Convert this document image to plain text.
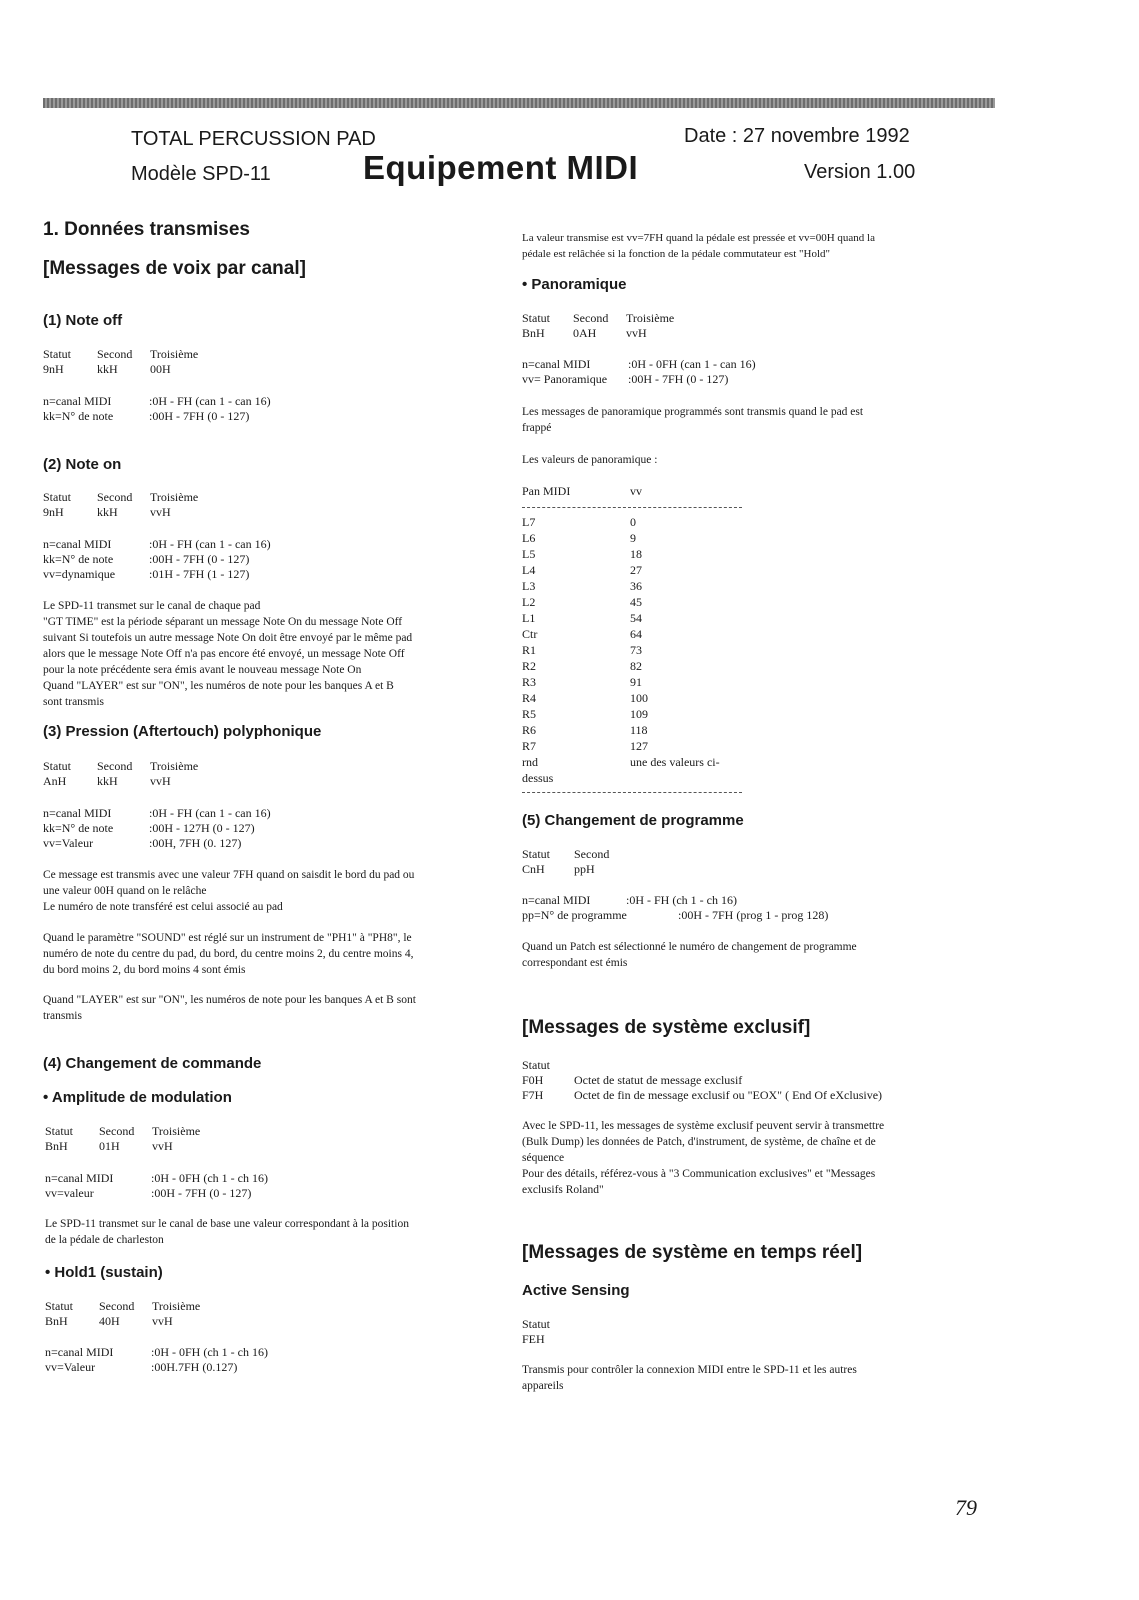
TOTAL PERCUSSION PAD
Modèle SPD-11	Equipement MIDI
Date : 27 novembre 1992
Version 1.00
1. Données transmises
[Messages de voix par canal]
(1) Note off
Statut	Second	Troisième
9nH	kkH	00H
n=canal MIDI	:0H - FH (can 1 - can 16)
kk=N° de note	:00H - 7FH (0 - 127)
(2) Note on
Statut	Second	Troisième
9nH	kkH	vvH
n=canal MIDI	:0H - FH (can 1 - can 16)
kk=N° de note	:00H - 7FH (0 - 127)
vv=dynamique	:01H - 7FH (1 - 127)
Le SPD-11 transmet sur le canal de chaque pad
"GT TIME" est la période séparant un message Note On du message Note Off
suivant Si toutefois un autre message Note On doit être envoyé par le même pad
alors que le message Note Off n'a pas encore été envoyé, un message Note Off
pour la note précédente sera émis avant le nouveau message Note On
Quand "LAYER" est sur "ON", les numéros de note pour les banques A et B
sont transmis
(3) Pression (Aftertouch) polyphonique
Statut	Second	Troisième
AnH	kkH	vvH
n=canal MIDI	:0H - FH (can 1 - can 16)
kk=N° de note	:00H - 127H (0 - 127)
vv=Valeur	:00H, 7FH (0. 127)
Ce message est transmis avec une valeur 7FH quand on saisdit le bord du pad ou
une valeur 00H quand on le relâche
Le numéro de note transféré est celui associé au pad
Quand le paramètre "SOUND" est réglé sur un instrument de "PH1" à "PH8", le
numéro de note du centre du pad, du bord, du centre moins 2, du centre moins 4,
du bord moins 2, du bord moins 4 sont émis
Quand "LAYER" est sur "ON", les numéros de note pour les banques A et B sont
transmis
(4) Changement de commande
• Amplitude de modulation
Statut	Second	Troisième
BnH	01H	vvH
n=canal MIDI	:0H - 0FH (ch 1 - ch 16)
vv=valeur	:00H - 7FH (0 - 127)
Le SPD-11 transmet sur le canal de base une valeur correspondant à la position
de la pédale de charleston
• Hold1 (sustain)
Statut	Second	Troisième
BnH	40H	vvH
n=canal MIDI	:0H - 0FH (ch 1 - ch 16)
vv=Valeur	:00H.7FH (0.127)
La valeur transmise est vv=7FH quand la pédale est pressée et vv=00H quand la
pédale est relâchée si la fonction de la pédale commutateur est "Hold"
• Panoramique
Statut	Second	Troisième
BnH	0AH	vvH
n=canal MIDI	:0H - 0FH (can 1 - can 16)
vv= Panoramique	:00H - 7FH (0 - 127)
Les messages de panoramique programmés sont transmis quand le pad est
frappé
Les valeurs de panoramique :
Pan MIDI	vv
L7	0
L6	9
L5	18
L4	27
L3	36
L2	45
L1	54
Ctr	64
R1	73
R2	82
R3	91
R4	100
R5	109
R6	118
R7	127
rnd	une des valeurs ci-dessus
(5) Changement de programme
Statut	Second
CnH	ppH
n=canal MIDI	:0H - FH (ch 1 - ch 16)
pp=N° de programme	:00H - 7FH (prog 1 - prog 128)
Quand un Patch est sélectionné le numéro de changement de programme
correspondant est émis
[Messages de système exclusif]
Statut
F0H	Octet de statut de message exclusif
F7H	Octet de fin de message exclusif ou "EOX" ( End Of eXclusive)
Avec le SPD-11, les messages de système exclusif peuvent servir à transmettre
(Bulk Dump) les données de Patch, d'instrument, de système, de chaîne et de
séquence
Pour des détails, référez-vous à "3 Communication exclusives" et "Messages
exclusifs Roland"
[Messages de système en temps réel]
Active Sensing
Statut
FEH
Transmis pour contrôler la connexion MIDI entre le SPD-11 et les autres
appareils
79
